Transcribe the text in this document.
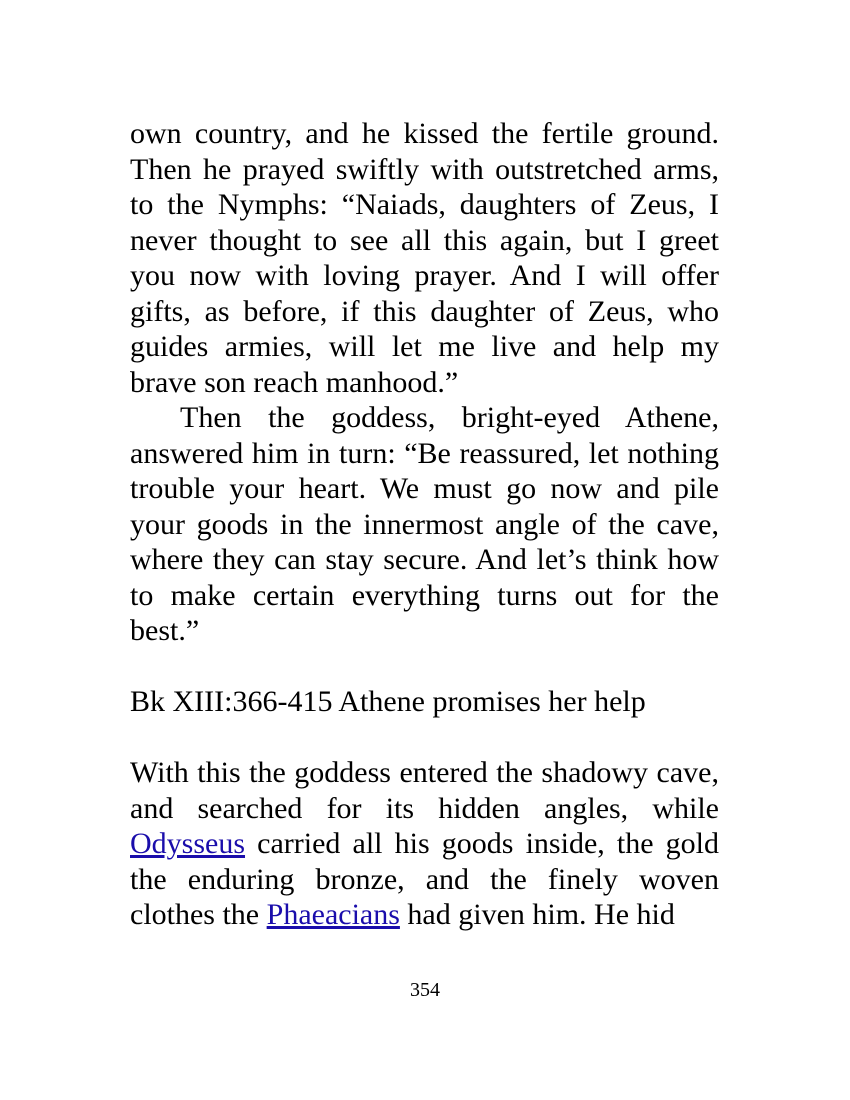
own country, and he kissed the fertile ground. Then he prayed swiftly with outstretched arms, to the Nymphs: “Naiads, daughters of Zeus, I never thought to see all this again, but I greet you now with loving prayer. And I will offer gifts, as before, if this daughter of Zeus, who guides armies, will let me live and help my brave son reach manhood.”

Then the goddess, bright-eyed Athene, answered him in turn: “Be reassured, let nothing trouble your heart. We must go now and pile your goods in the innermost angle of the cave, where they can stay secure. And let’s think how to make certain everything turns out for the best.”

Bk XIII:366-415 Athene promises her help

With this the goddess entered the shadowy cave, and searched for its hidden angles, while Odysseus carried all his goods inside, the gold the enduring bronze, and the finely woven clothes the Phaeacians had given him. He hid

354
